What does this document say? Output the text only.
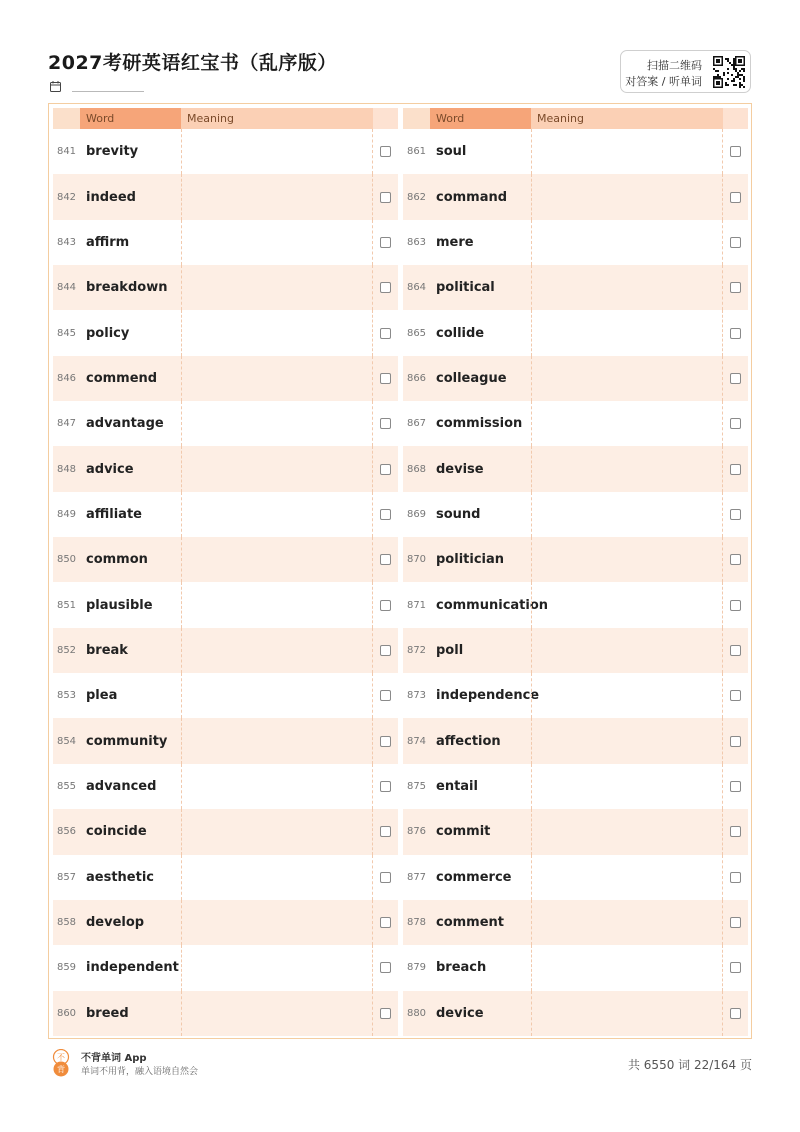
2027考研英语红宝书（乱序版）	扫描二维码
对答案 / 听单词
Word	Meaning
841 brevity
842 indeed
843 affirm
844 breakdown
845 policy
846 commend
847 advantage
848 advice
849 affiliate
850 common
851 plausible
852 break
853 plea
854 community
855 advanced
856 coincide
857 aesthetic
858 develop
859 independent
860 breed
Word	Meaning
861 soul
862 command
863 mere
864 political
865 collide
866 colleague
867 commission
868 devise
869 sound
870 politician
871 communication
872 poll
873 independence
874 affection
875 entail
876 commit
877 commerce
878 comment
879 breach
880 device
不
背
不背单词 App
单词不用背，融入语境自然会	共 6550 词 22/164 页
